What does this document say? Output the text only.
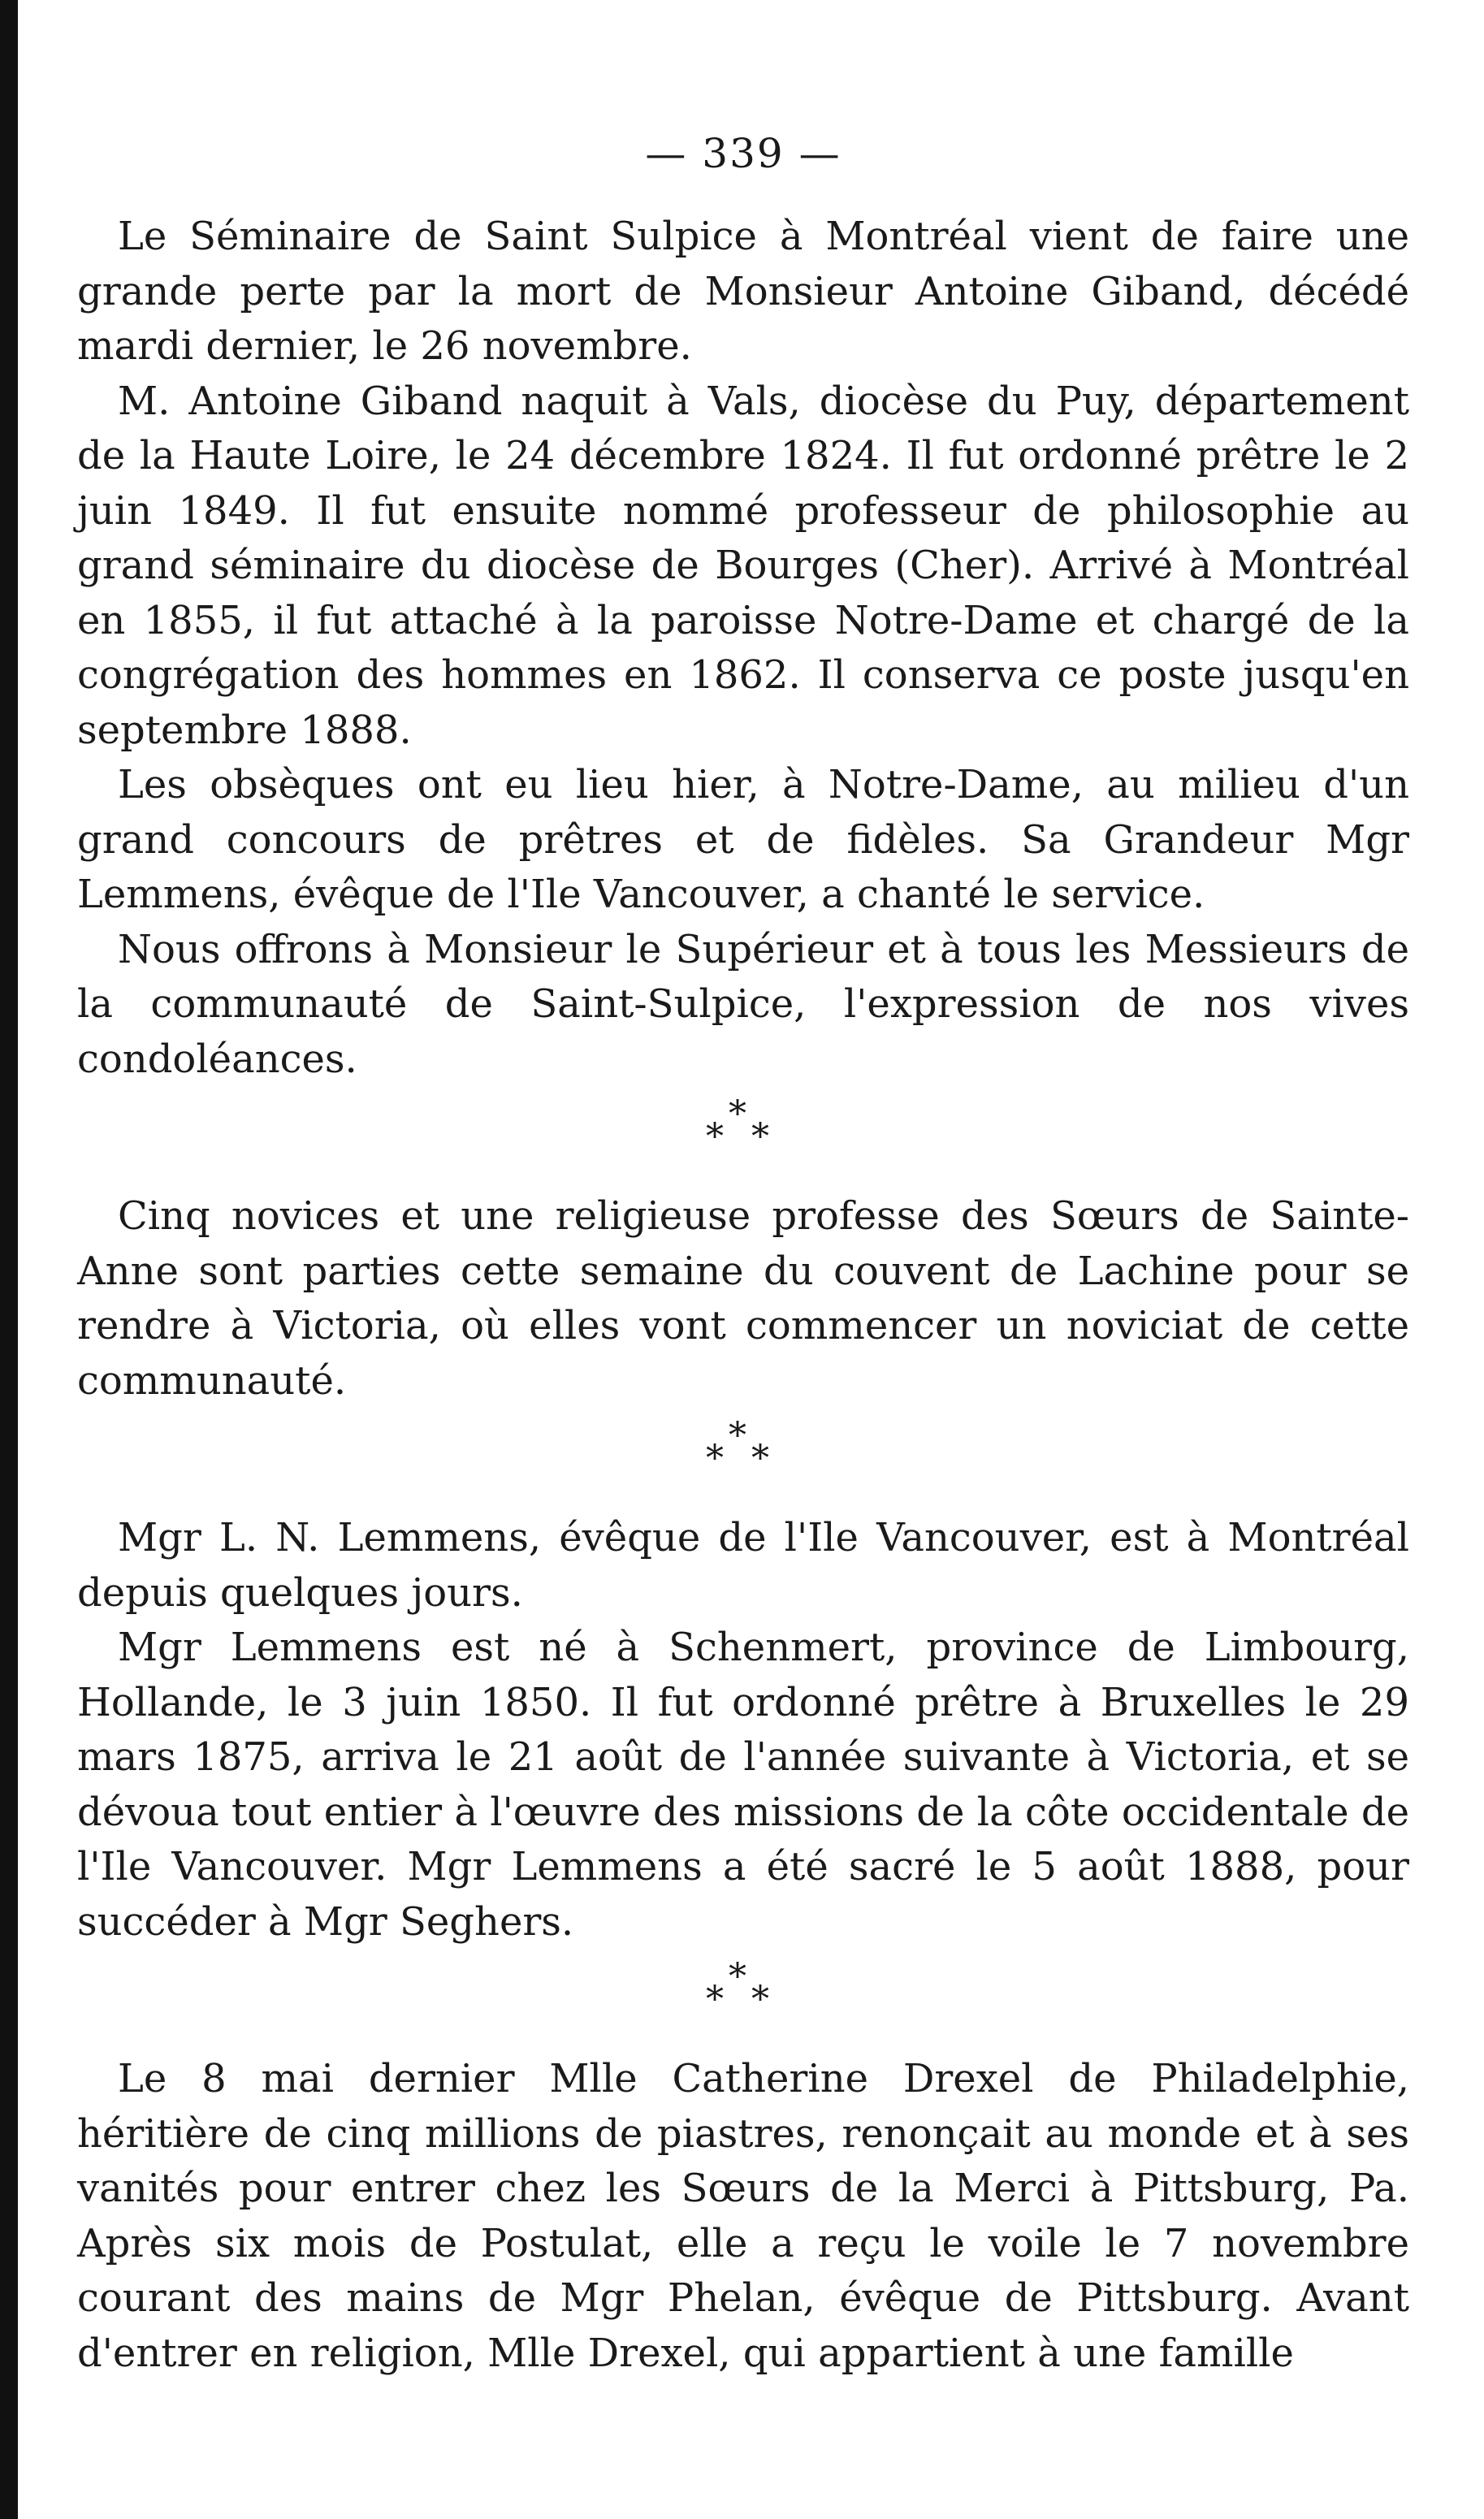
— 339 —

Le Séminaire de Saint Sulpice à Montréal vient de faire une grande perte par la mort de Monsieur Antoine Giband, décédé mardi dernier, le 26 novembre.

M. Antoine Giband naquit à Vals, diocèse du Puy, département de la Haute Loire, le 24 décembre 1824. Il fut ordonné prêtre le 2 juin 1849. Il fut ensuite nommé professeur de philosophie au grand séminaire du diocèse de Bourges (Cher). Arrivé à Montréal en 1855, il fut attaché à la paroisse Notre-Dame et chargé de la congrégation des hommes en 1862. Il conserva ce poste jusqu'en septembre 1888.

Les obsèques ont eu lieu hier, à Notre-Dame, au milieu d'un grand concours de prêtres et de fidèles. Sa Grandeur Mgr Lemmens, évêque de l'Ile Vancouver, a chanté le service.

Nous offrons à Monsieur le Supérieur et à tous les Messieurs de la communauté de Saint-Sulpice, l'expression de nos vives condoléances.

*
* *

Cinq novices et une religieuse professe des Sœurs de Sainte-Anne sont parties cette semaine du couvent de Lachine pour se rendre à Victoria, où elles vont commencer un noviciat de cette communauté.

*
* *

Mgr L. N. Lemmens, évêque de l'Ile Vancouver, est à Montréal depuis quelques jours.

Mgr Lemmens est né à Schenmert, province de Limbourg, Hollande, le 3 juin 1850. Il fut ordonné prêtre à Bruxelles le 29 mars 1875, arriva le 21 août de l'année suivante à Victoria, et se dévoua tout entier à l'œuvre des missions de la côte occidentale de l'Ile Vancouver. Mgr Lemmens a été sacré le 5 août 1888, pour succéder à Mgr Seghers.

*
* *

Le 8 mai dernier Mlle Catherine Drexel de Philadelphie, héritière de cinq millions de piastres, renonçait au monde et à ses vanités pour entrer chez les Sœurs de la Merci à Pittsburg, Pa. Après six mois de Postulat, elle a reçu le voile le 7 novembre courant des mains de Mgr Phelan, évêque de Pittsburg. Avant d'entrer en religion, Mlle Drexel, qui appartient à une famille
